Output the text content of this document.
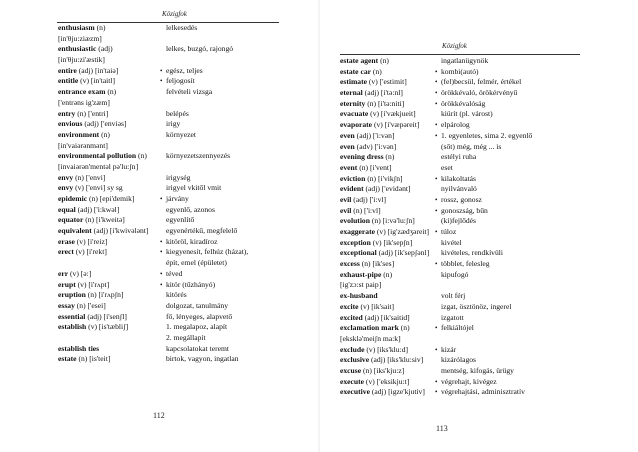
Közigfok
enthusiasm (n)	lelkesedés
[in'θju:ziæzm]
enthusiastic (adj)	lelkes, buzgó, rajongó
[in'θju:zi'æstik]
entire (adj) [in'taiə]	• egész, teljes
entitle (v) [in'taitl]	• feljogosít
entrance exam (n)	felvételi vizsga
['entrəns ig'zæm]
entry (n) ['entri]	belépés
envious (adj) ['enviəs]	irigy
environment (n)	környezet
[in'vaiərənmənt]
environmental pollution (n)	környezetszennyezés
[invaiərən'mentəl pə'lu:ʃn]
envy (n) ['envi]	irigység
envy (v) ['envi] sy sg	irigyel vkitől vmit
epidemic (n) [epi'demik]	• járvány
equal (adj) ['i:kwəl]	egyenlő, azonos
equator (n) [i'kweitə]	egyenlítő
equivalent (adj) [i'kwivələnt] egyenértékű, megfelelő
erase (v) [i'reiz]	• kitöröl, kiradíroz
erect (v) [i'rekt]	• kiegyenesít, felhúz (házat),
épít, emel (épületet)
err (v) [ə:]	• téved
erupt (v) [i'rʌpt]	• kitör (tűzhányó)
eruption (n) [i'rʌpʃn]	kitörés
essay (n) ['esei]	dolgozat, tanulmány
essential (adj) [i'senʃl]	fő, lényeges, alapvető
establish (v) [is'tæbliʃ]	1. megalapoz, alapít
2. megállapít
establish ties	kapcsolatokat teremt
estate (n) [is'teit]	birtok, vagyon, ingatlan
112
Közigfok
estate agent (n)	ingatlanügynök
estate car (n)	• kombi(autó)
estimate (v) ['estimit]	• (fel)becsül, felmér, értékel
eternal (adj) [i'tə:nl]	• örökkévaló, örökérvényű
eternity (n) [i'tə:niti]	• örökkévalóság
evacuate (v) [i'vækjueit]	kiürít (pl. várost)
evaporate (v) [i'væpəreit] • elpárolog
even (adj) ['i:vən]	• 1. egyenletes, sima 2. egyenlő
even (adv) ['i:vən]	(sőt) még, még ... is
evening dress (n)	estélyi ruha
event (n) [i'vent]	eset
eviction (n) [i'vikʃn]	• kilakoltatás
evident (adj) ['evidənt]	nyilvánvaló
evil (adj) ['i:vl]	• rossz, gonosz
evil (n) ['i:vl]	• gonoszság, bűn
evolution (n) [i:və'lu:ʃn]	(ki)fejlődés
exaggerate (v) [ig'zædʒəreit] • túloz
exception (v) [ik'sepʃn]	kivétel
exceptional (adj) [ik'sepʃənl] kivételes, rendkívüli
excess (n) [ik'ses]	• többlet, felesleg
exhaust-pipe (n)	kipufogó
[ig'zɔ:st paip]
ex-husband	volt férj
excite (v) [ik'sait]	izgat, ösztönöz, ingerel
excited (adj) [ik'saitid]	izgatott
exclamation mark (n)	• felkiáltójel
[eksklə'meiʃn ma:k]
exclude (v) [iks'klu:d]	• kizár
exclusive (adj) [iks'klu:siv] kizárólagos
excuse (n) [iks'kju:z]	mentség, kifogás, ürügy
execute (v) ['eksikju:t]	• végrehajt, kivégez
executive (adj) [igze'kjutiv] • végrehajtási, adminisztratív
113
